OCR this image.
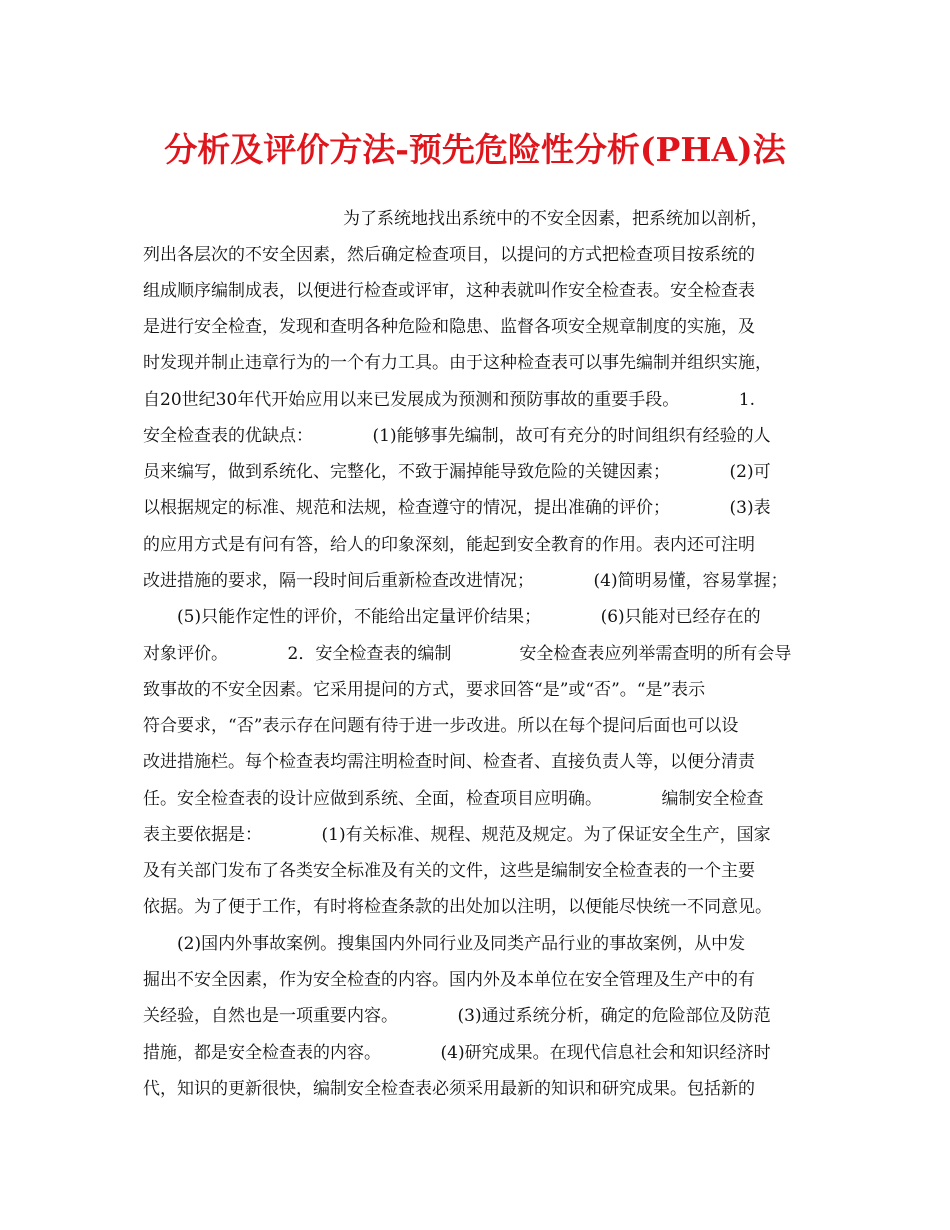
分析及评价方法-预先危险性分析(PHA)法
为了系统地找出系统中的不安全因素，把系统加以剖析，
列出各层次的不安全因素，然后确定检查项目，以提问的方式把检查项目按系统的
组成顺序编制成表，以便进行检查或评审，这种表就叫作安全检查表。安全检查表
是进行安全检查，发现和查明各种危险和隐患、监督各项安全规章制度的实施，及
时发现并制止违章行为的一个有力工具。由于这种检查表可以事先编制并组织实施，
自20世纪30年代开始应用以来已发展成为预测和预防事故的重要手段。　　　　1.
安全检查表的优缺点：　　　　(1)能够事先编制，故可有充分的时间组织有经验的人
员来编写，做到系统化、完整化，不致于漏掉能导致危险的关键因素；　　　　(2)可
以根据规定的标准、规范和法规，检查遵守的情况，提出准确的评价；　　　　(3)表
的应用方式是有问有答，给人的印象深刻，能起到安全教育的作用。表内还可注明
改进措施的要求，隔一段时间后重新检查改进情况；　　　　(4)简明易懂，容易掌握；
　　(5)只能作定性的评价，不能给出定量评价结果；　　　　(6)只能对已经存在的
对象评价。　　　　2．安全检查表的编制　　　　安全检查表应列举需查明的所有会导
致事故的不安全因素。它采用提问的方式，要求回答“是”或“否”。“是”表示
符合要求，“否”表示存在问题有待于进一步改进。所以在每个提问后面也可以设
改进措施栏。每个检查表均需注明检查时间、检查者、直接负责人等，以便分清责
任。安全检查表的设计应做到系统、全面，检查项目应明确。　　　　编制安全检查
表主要依据是：　　　　(1)有关标准、规程、规范及规定。为了保证安全生产，国家
及有关部门发布了各类安全标准及有关的文件，这些是编制安全检查表的一个主要
依据。为了便于工作，有时将检查条款的出处加以注明，以便能尽快统一不同意见。
　　(2)国内外事故案例。搜集国内外同行业及同类产品行业的事故案例，从中发
掘出不安全因素，作为安全检查的内容。国内外及本单位在安全管理及生产中的有
关经验，自然也是一项重要内容。　　　　(3)通过系统分析，确定的危险部位及防范
措施，都是安全检查表的内容。　　　　(4)研究成果。在现代信息社会和知识经济时
代，知识的更新很快，编制安全检查表必须采用最新的知识和研究成果。包括新的
